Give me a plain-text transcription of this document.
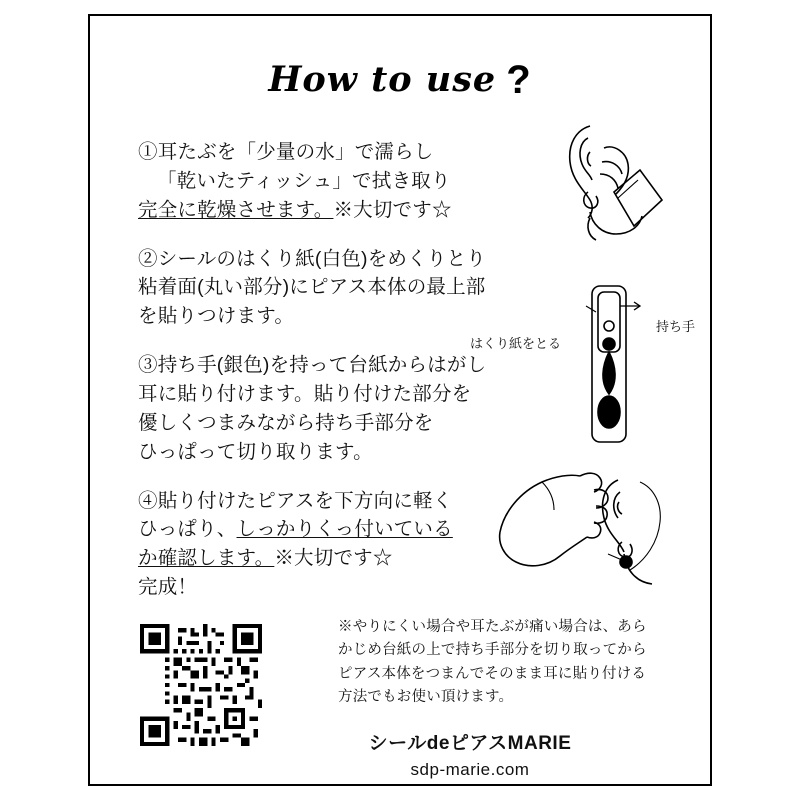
How to use ?
①耳たぶを「少量の水」で濡らし
「乾いたティッシュ」で拭き取り
完全に乾燥させます。※大切です☆
②シールのはくり紙(白色)をめくりとり
粘着面(丸い部分)にピアス本体の最上部
を貼りつけます。
③持ち手(銀色)を持って台紙からはがし
耳に貼り付けます。貼り付けた部分を
優しくつまみながら持ち手部分を
ひっぱって切り取ります。
④貼り付けたピアスを下方向に軽く
ひっぱり、しっかりくっ付いている
か確認します。※大切です☆
完成！
持ち手
はくり紙をとる
※やりにくい場合や耳たぶが痛い場合は、あら
かじめ台紙の上で持ち手部分を切り取ってから
ピアス本体をつまんでそのまま耳に貼り付ける
方法でもお使い頂けます。
シールdeピアスMARIE
sdp-marie.com
